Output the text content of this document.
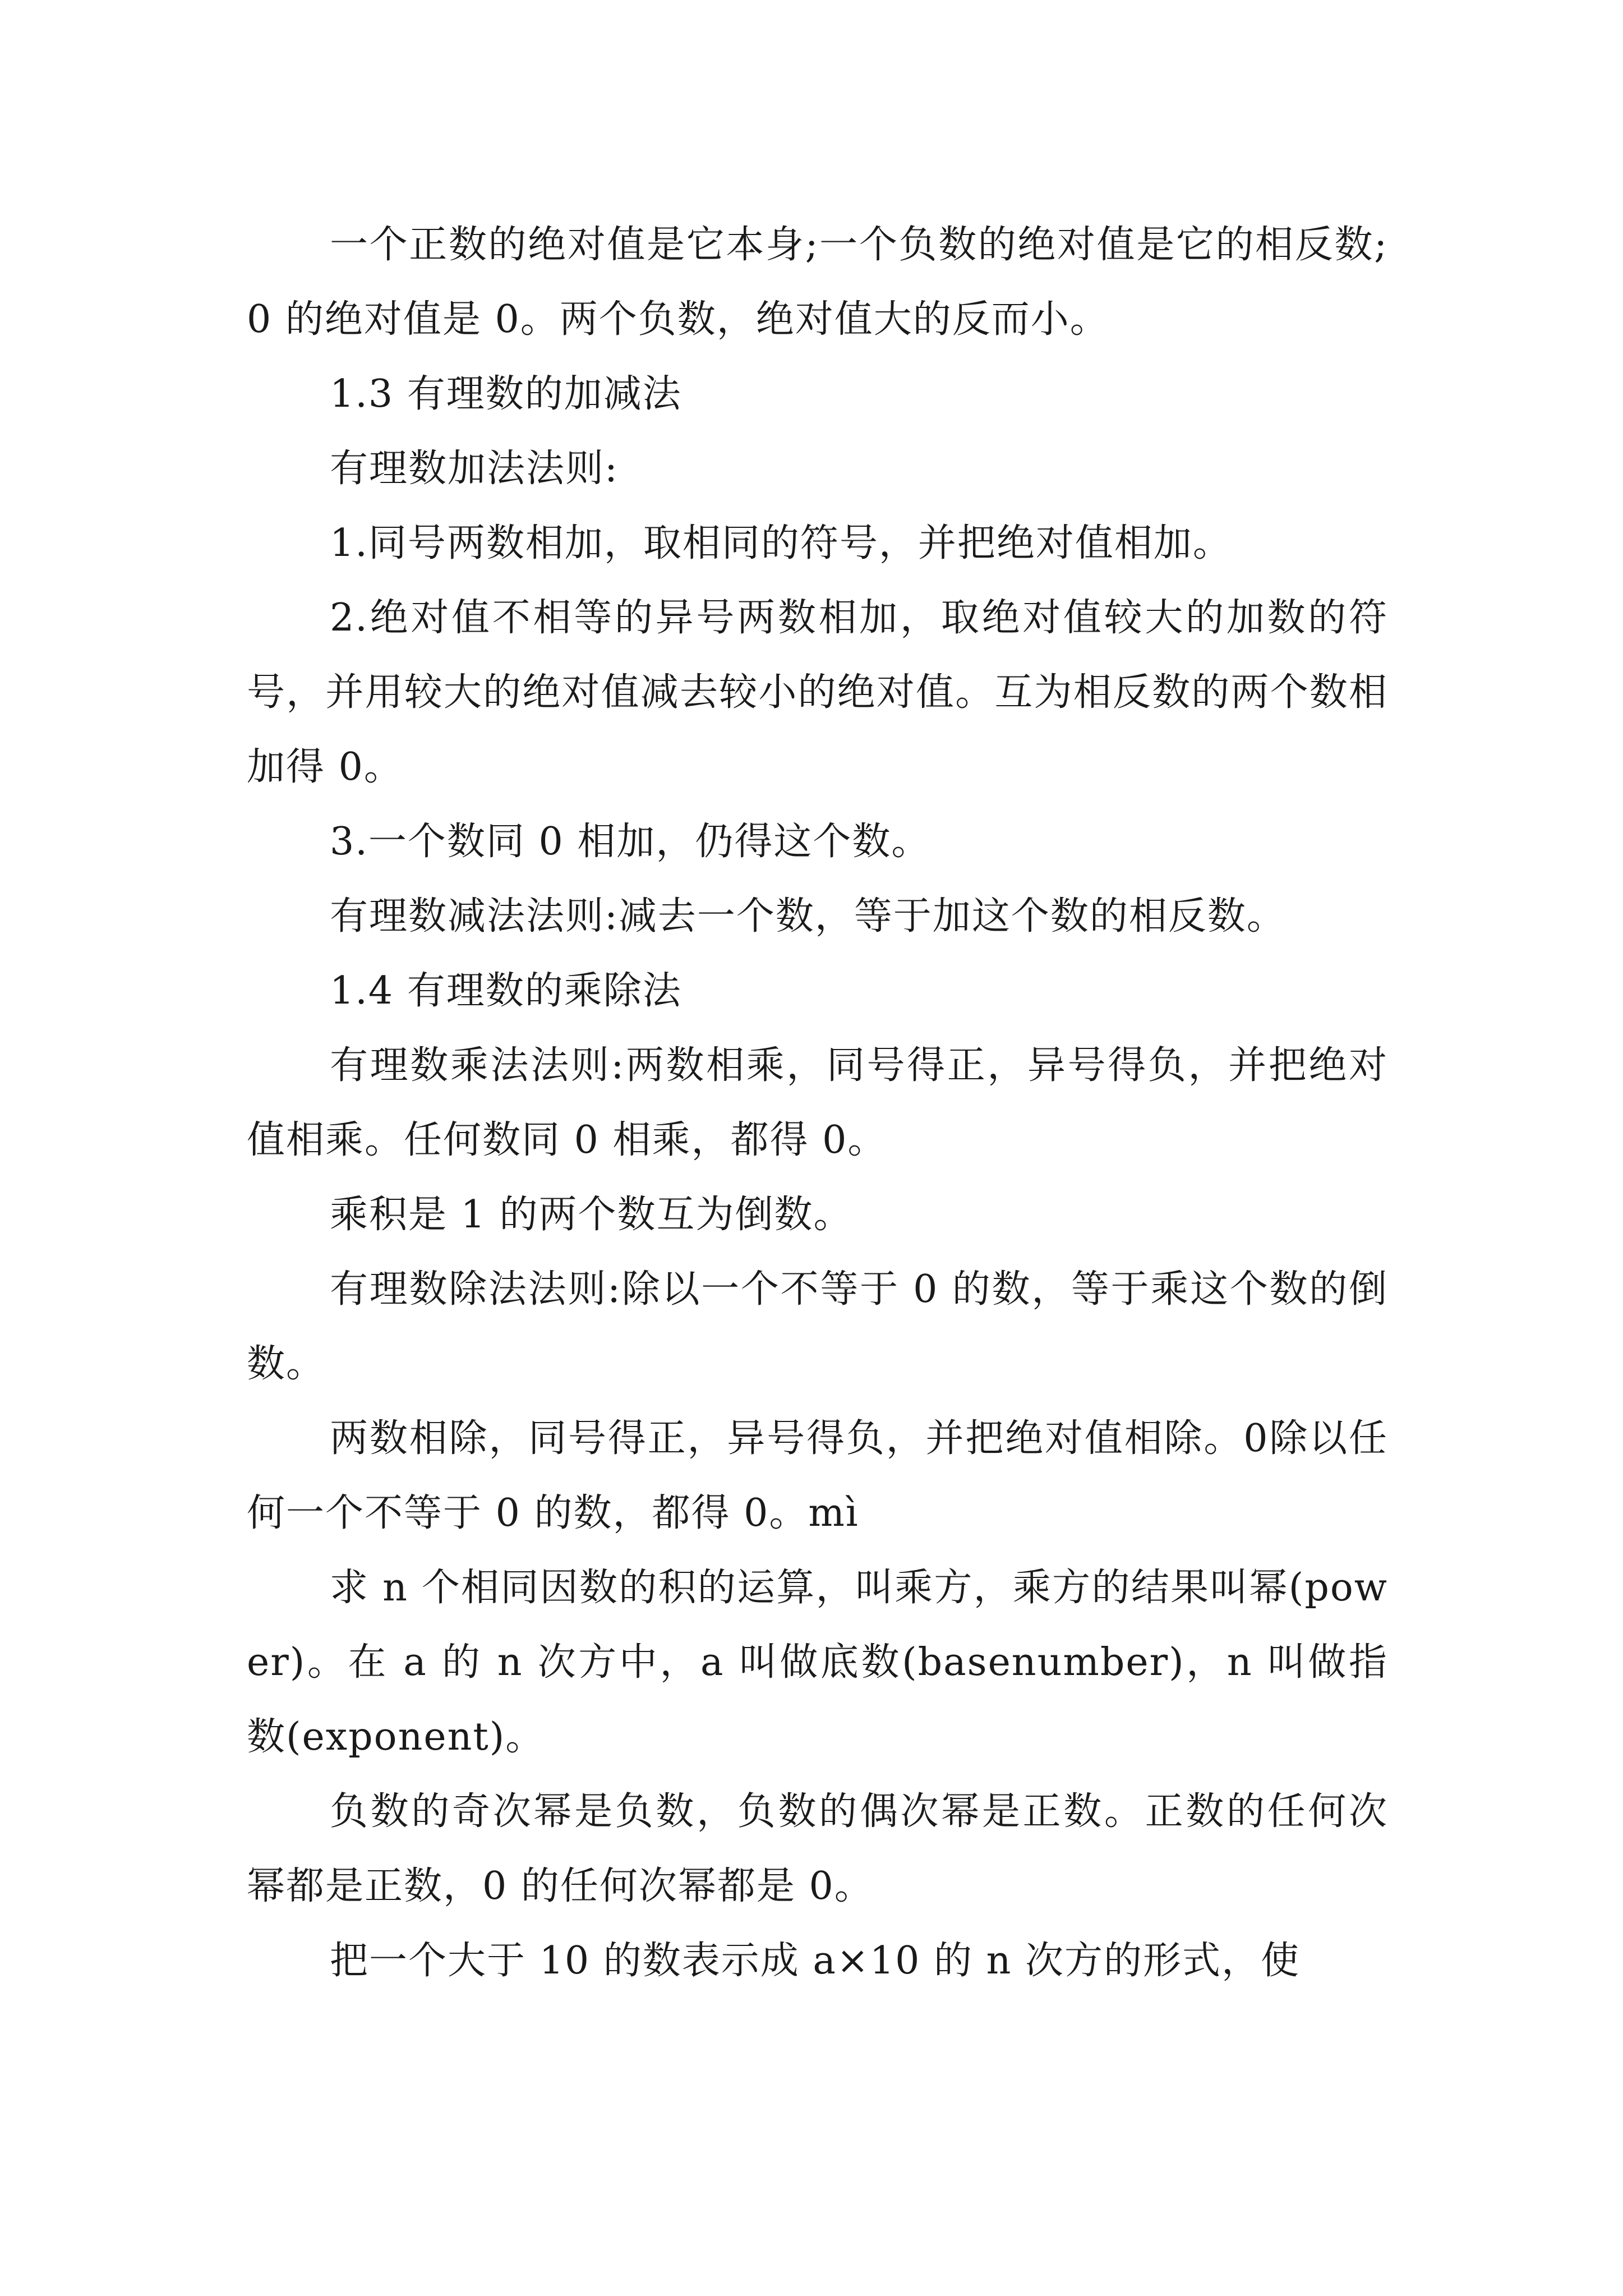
一个正数的绝对值是它本身;一个负数的绝对值是它的相反数;0 的绝对值是 0。两个负数，绝对值大的反而小。

1.3 有理数的加减法

有理数加法法则:

1.同号两数相加，取相同的符号，并把绝对值相加。

2.绝对值不相等的异号两数相加，取绝对值较大的加数的符号，并用较大的绝对值减去较小的绝对值。互为相反数的两个数相加得 0。

3.一个数同 0 相加，仍得这个数。

有理数减法法则:减去一个数，等于加这个数的相反数。

1.4 有理数的乘除法

有理数乘法法则:两数相乘，同号得正，异号得负，并把绝对值相乘。任何数同 0 相乘，都得 0。

乘积是 1 的两个数互为倒数。

有理数除法法则:除以一个不等于 0 的数，等于乘这个数的倒数。

两数相除，同号得正，异号得负，并把绝对值相除。0除以任何一个不等于 0 的数，都得 0。mì

求 n 个相同因数的积的运算，叫乘方，乘方的结果叫幂(power)。在 a 的 n 次方中，a 叫做底数(basenumber)，n 叫做指数(exponent)。

负数的奇次幂是负数，负数的偶次幂是正数。正数的任何次幂都是正数，0 的任何次幂都是 0。

把一个大于 10 的数表示成 a×10 的 n 次方的形式，使
